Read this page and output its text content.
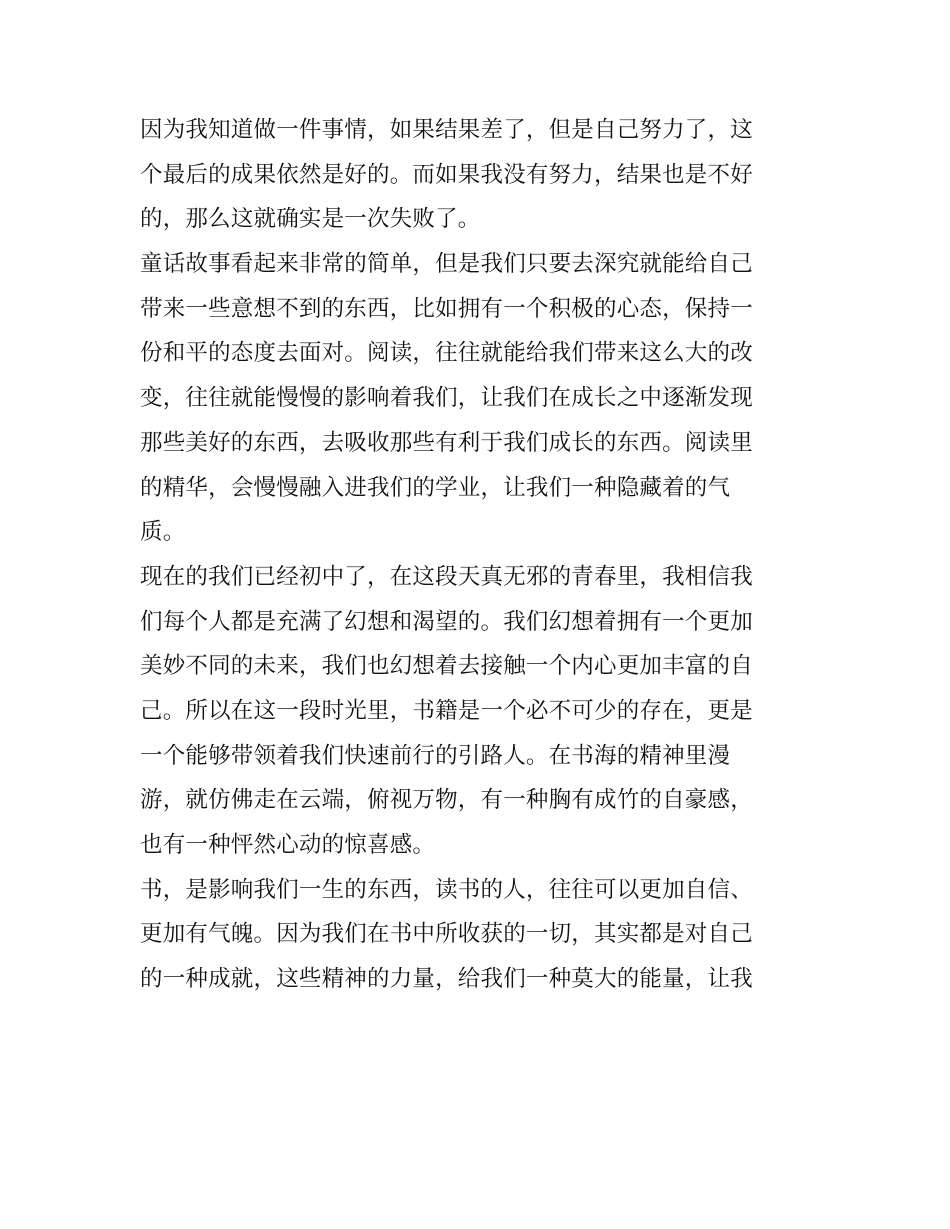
因为我知道做一件事情，如果结果差了，但是自己努力了，这
个最后的成果依然是好的。而如果我没有努力，结果也是不好
的，那么这就确实是一次失败了。
童话故事看起来非常的简单，但是我们只要去深究就能给自己
带来一些意想不到的东西，比如拥有一个积极的心态，保持一
份和平的态度去面对。阅读，往往就能给我们带来这么大的改
变，往往就能慢慢的影响着我们，让我们在成长之中逐渐发现
那些美好的东西，去吸收那些有利于我们成长的东西。阅读里
的精华，会慢慢融入进我们的学业，让我们一种隐藏着的气
质。
现在的我们已经初中了，在这段天真无邪的青春里，我相信我
们每个人都是充满了幻想和渴望的。我们幻想着拥有一个更加
美妙不同的未来，我们也幻想着去接触一个内心更加丰富的自
己。所以在这一段时光里，书籍是一个必不可少的存在，更是
一个能够带领着我们快速前行的引路人。在书海的精神里漫
游，就仿佛走在云端，俯视万物，有一种胸有成竹的自豪感，
也有一种怦然心动的惊喜感。
书，是影响我们一生的东西，读书的人，往往可以更加自信、
更加有气魄。因为我们在书中所收获的一切，其实都是对自己
的一种成就，这些精神的力量，给我们一种莫大的能量，让我
